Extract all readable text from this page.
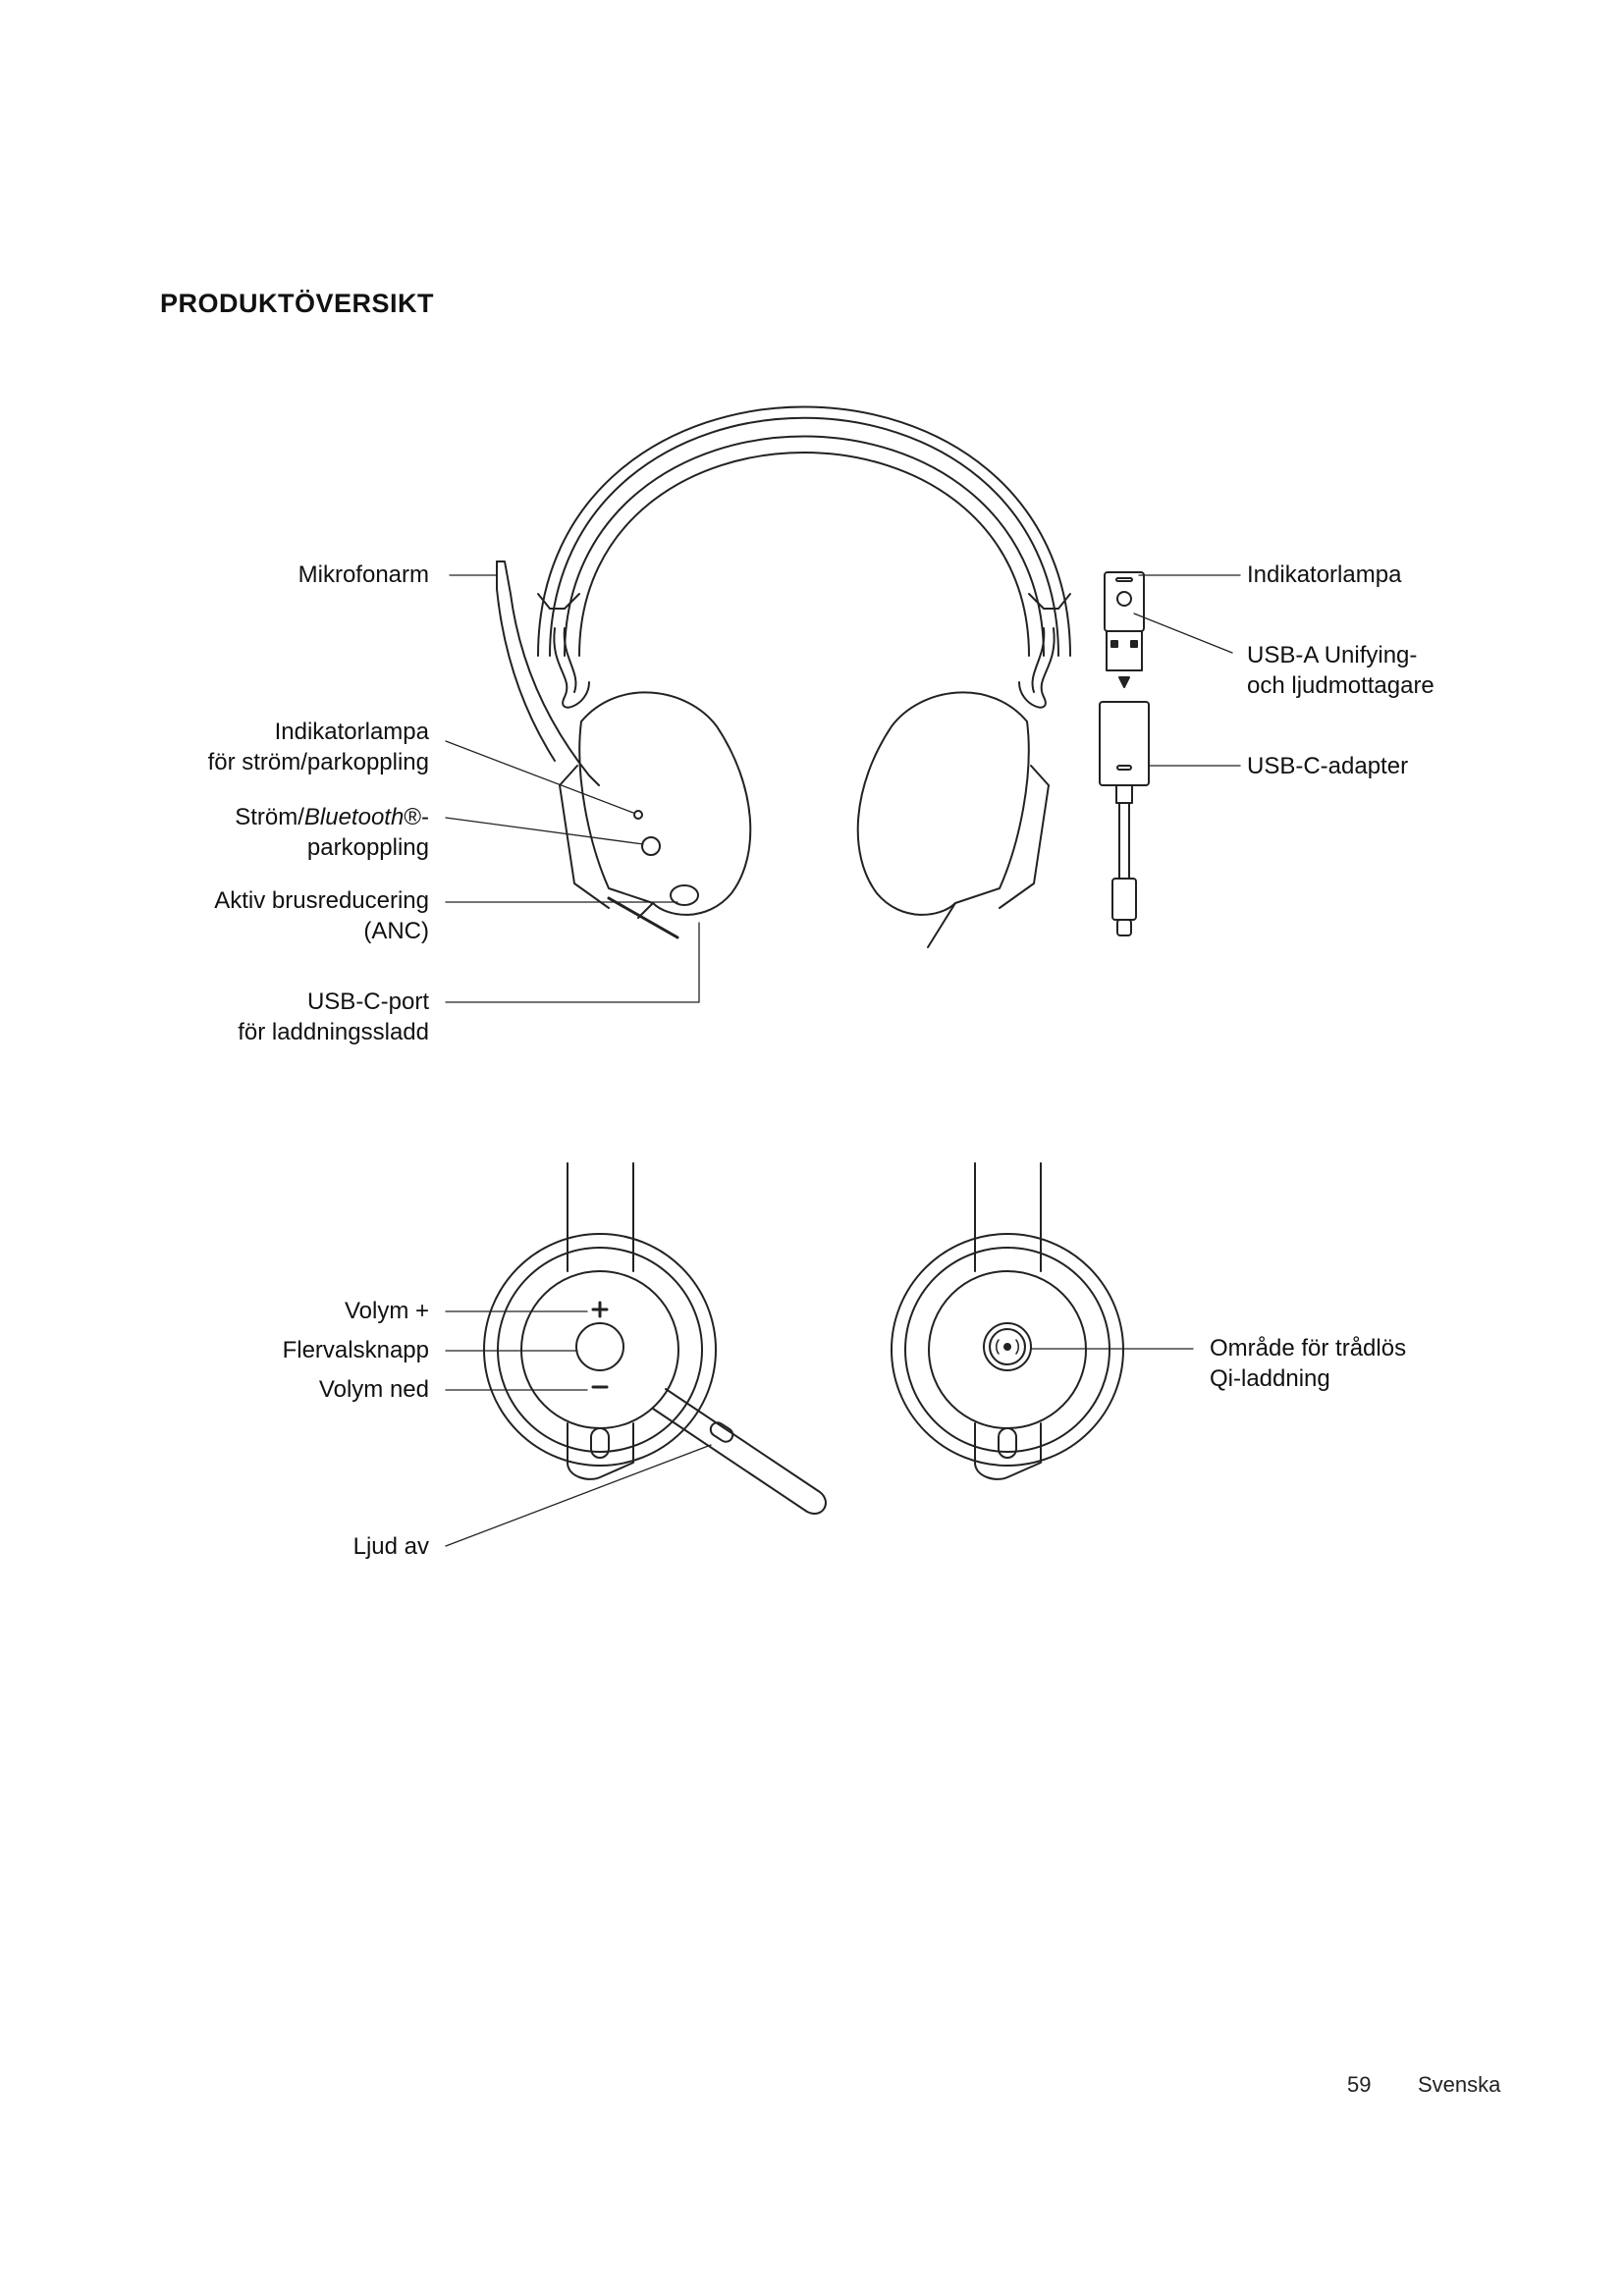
PRODUKTÖVERSIKT
Mikrofonarm
Indikatorlampa
för ström/parkoppling
Ström/Bluetooth®-
parkoppling
Aktiv brusreducering
(ANC)
USB-C-port
för laddningssladd
Indikatorlampa
USB-A Unifying-
och ljudmottagare
USB-C-adapter
Volym +
Flervalsknapp
Volym ned
Ljud av
Område för trådlös
Qi-laddning
59 Svenska
